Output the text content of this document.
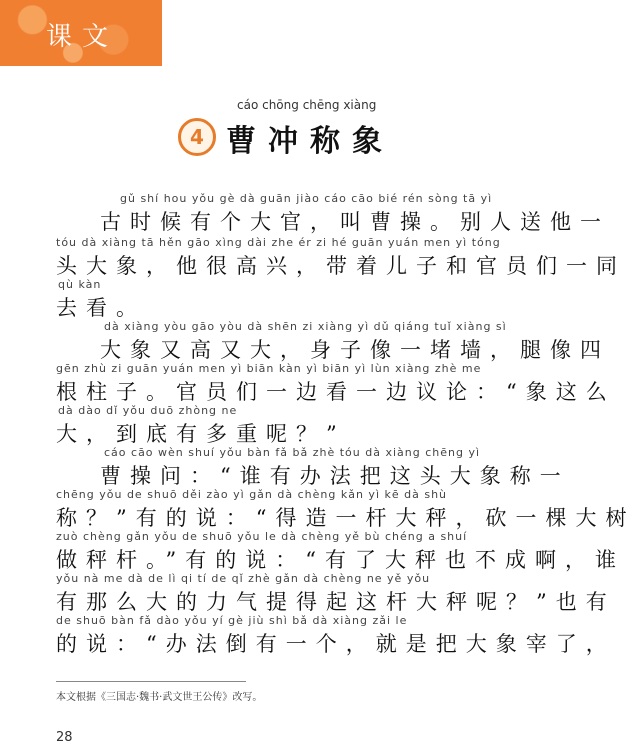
课文
cáo chōng chēng xiàng
4 曹冲称象
gǔ shí hou yǒu gè dà guān jiào cáo cāo bié rén sòng tā yì
古时候有个大官，叫曹操。别人送他一
tóu dà xiàng tā hěn gāo xìng dài zhe ér zi hé guān yuán men yì tóng
头大象，他很高兴，带着儿子和官员们一同
qù kàn
去看。
dà xiàng yòu gāo yòu dà shēn zi xiàng yì dǔ qiáng tuǐ xiàng sì
大象又高又大，身子像一堵墙，腿像四
gēn zhù zi guān yuán men yì biān kàn yì biān yì lùn xiàng zhè me
根柱子。官员们一边看一边议论：“象这么
dà dào dǐ yǒu duō zhòng ne
大，到底有多重呢？”
cáo cāo wèn shuí yǒu bàn fǎ bǎ zhè tóu dà xiàng chēng yì
曹操问：“谁有办法把这头大象称一
chēng yǒu de shuō děi zào yì gǎn dà chèng kǎn yì kē dà shù
称？”有的说：“得造一杆大秤，砍一棵大树
zuò chèng gǎn yǒu de shuō yǒu le dà chèng yě bù chéng a shuí
做秤杆。”有的说：“有了大秤也不成啊，谁
yǒu nà me dà de lì qi tí de qǐ zhè gǎn dà chèng ne yě yǒu
有那么大的力气提得起这杆大秤呢？”也有
de shuō bàn fǎ dào yǒu yí gè jiù shì bǎ dà xiàng zǎi le
的说：“办法倒有一个，就是把大象宰了，
本文根据《三国志·魏书·武文世王公传》改写。
28
